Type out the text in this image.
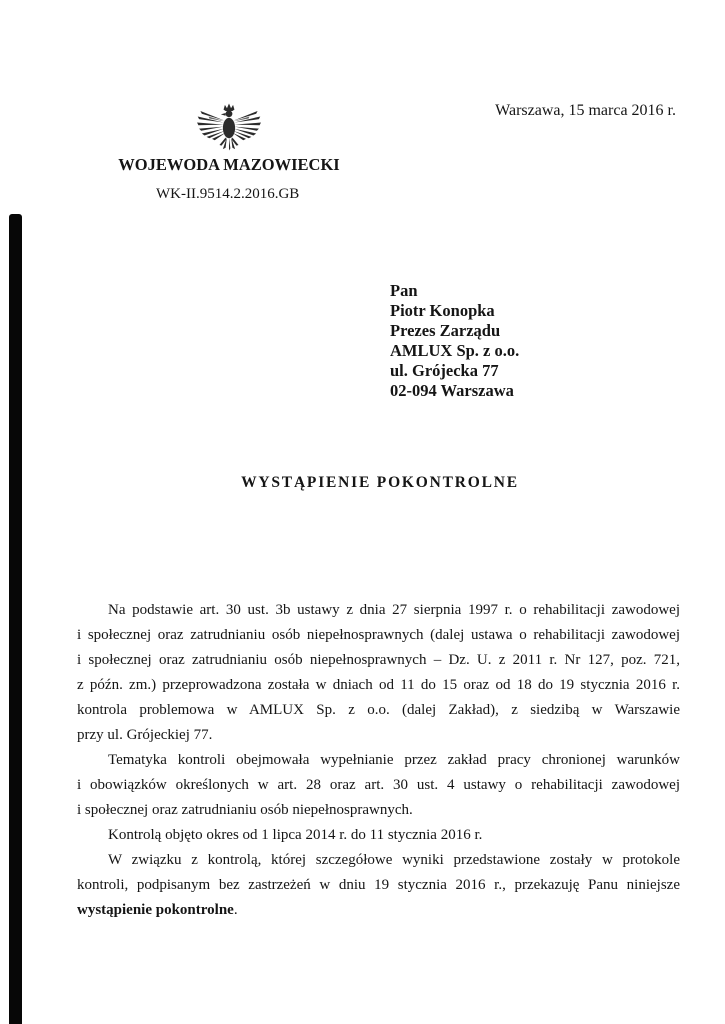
Warszawa, 15 marca 2016 r.
WOJEWODA MAZOWIECKI
WK-II.9514.2.2016.GB
Pan
Piotr Konopka
Prezes Zarządu
AMLUX Sp. z o.o.
ul. Grójecka 77
02-094 Warszawa
WYSTĄPIENIE POKONTROLNE
Na podstawie art. 30 ust. 3b ustawy z dnia 27 sierpnia 1997 r. o rehabilitacji zawodowej
i społecznej oraz zatrudnianiu osób niepełnosprawnych (dalej ustawa o rehabilitacji zawodowej
i społecznej oraz zatrudnianiu osób niepełnosprawnych – Dz. U. z 2011 r. Nr 127, poz. 721,
z późn. zm.) przeprowadzona została w dniach od 11 do 15 oraz od 18 do 19 stycznia 2016 r.
kontrola problemowa w AMLUX Sp. z o.o. (dalej Zakład), z siedzibą w Warszawie
przy ul. Grójeckiej 77.
Tematyka kontroli obejmowała wypełnianie przez zakład pracy chronionej warunków
i obowiązków określonych w art. 28 oraz art. 30 ust. 4 ustawy o rehabilitacji zawodowej
i społecznej oraz zatrudnianiu osób niepełnosprawnych.
Kontrolą objęto okres od 1 lipca 2014 r. do 11 stycznia 2016 r.
W związku z kontrolą, której szczegółowe wyniki przedstawione zostały w protokole
kontroli, podpisanym bez zastrzeżeń w dniu 19 stycznia 2016 r., przekazuję Panu niniejsze
wystąpienie pokontrolne.
